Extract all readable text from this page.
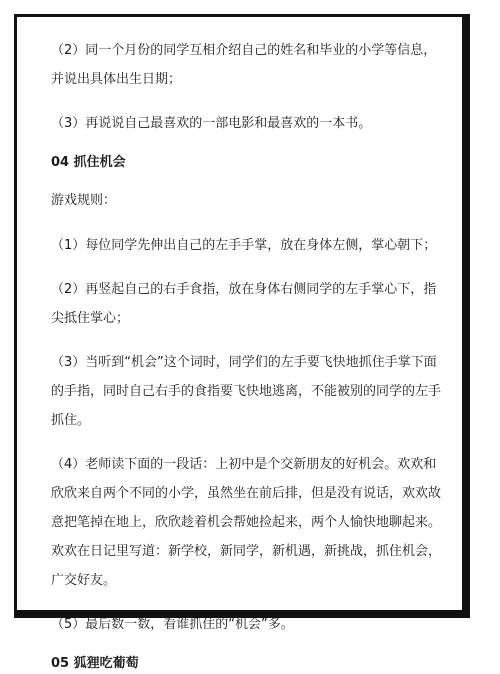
（2）同一个月份的同学互相介绍自己的姓名和毕业的小学等信息，并说出具体出生日期；

（3）再说说自己最喜欢的一部电影和最喜欢的一本书。

04 抓住机会

游戏规则：

（1）每位同学先伸出自己的左手手掌，放在身体左侧，掌心朝下；

（2）再竖起自己的右手食指，放在身体右侧同学的左手掌心下，指尖抵住掌心；

（3）当听到“机会”这个词时，同学们的左手要飞快地抓住手掌下面的手指，同时自己右手的食指要飞快地逃离，不能被别的同学的左手抓住。

（4）老师读下面的一段话：上初中是个交新朋友的好机会。欢欢和欣欣来自两个不同的小学，虽然坐在前后排，但是没有说话，欢欢故意把笔掉在地上，欣欣趁着机会帮她捡起来，两个人愉快地聊起来。欢欢在日记里写道：新学校，新同学，新机遇，新挑战，抓住机会，广交好友。

（5）最后数一数，看谁抓住的“机会”多。

05 狐狸吃葡萄
